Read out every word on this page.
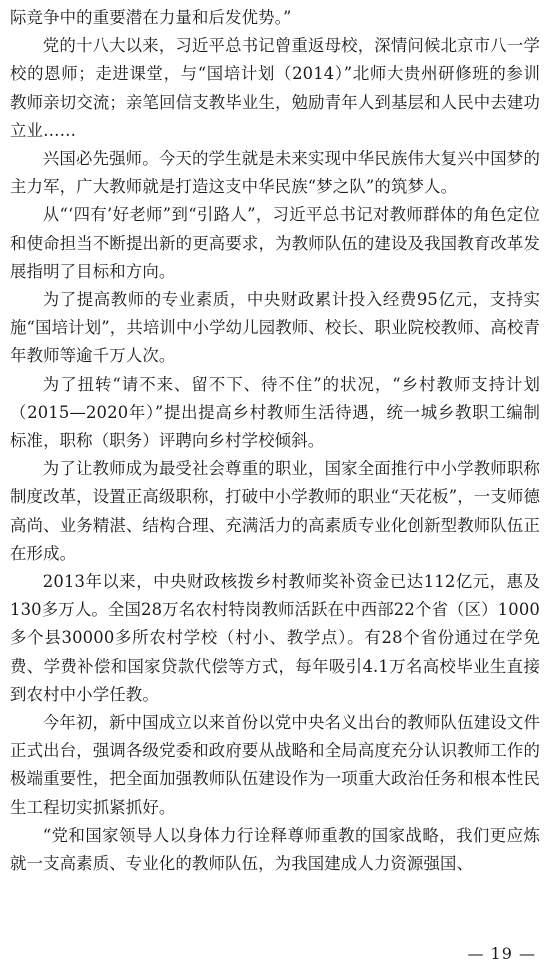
际竞争中的重要潜在力量和后发优势。”

党的十八大以来，习近平总书记曾重返母校，深情问候北京市八一学校的恩师；走进课堂，与“国培计划（2014）”北师大贵州研修班的参训教师亲切交流；亲笔回信支教毕业生，勉励青年人到基层和人民中去建功立业……

兴国必先强师。今天的学生就是未来实现中华民族伟大复兴中国梦的主力军，广大教师就是打造这支中华民族“梦之队”的筑梦人。

从“‘四有’好老师”到“引路人”，习近平总书记对教师群体的角色定位和使命担当不断提出新的更高要求，为教师队伍的建设及我国教育改革发展指明了目标和方向。

为了提高教师的专业素质，中央财政累计投入经费95亿元，支持实施“国培计划”，共培训中小学幼儿园教师、校长、职业院校教师、高校青年教师等逾千万人次。

为了扭转“请不来、留不下、待不住”的状况，“乡村教师支持计划（2015—2020年）”提出提高乡村教师生活待遇，统一城乡教职工编制标准，职称（职务）评聘向乡村学校倾斜。

为了让教师成为最受社会尊重的职业，国家全面推行中小学教师职称制度改革，设置正高级职称，打破中小学教师的职业“天花板”，一支师德高尚、业务精湛、结构合理、充满活力的高素质专业化创新型教师队伍正在形成。

2013年以来，中央财政核拨乡村教师奖补资金已达112亿元，惠及130多万人。全国28万名农村特岗教师活跃在中西部22个省（区）1000多个县30000多所农村学校（村小、教学点）。有28个省份通过在学免费、学费补偿和国家贷款代偿等方式，每年吸引4.1万名高校毕业生直接到农村中小学任教。

今年初，新中国成立以来首份以党中央名义出台的教师队伍建设文件正式出台，强调各级党委和政府要从战略和全局高度充分认识教师工作的极端重要性，把全面加强教师队伍建设作为一项重大政治任务和根本性民生工程切实抓紧抓好。

“党和国家领导人以身体力行诠释尊师重教的国家战略，我们更应炼就一支高素质、专业化的教师队伍，为我国建成人力资源强国、

— 19 —
